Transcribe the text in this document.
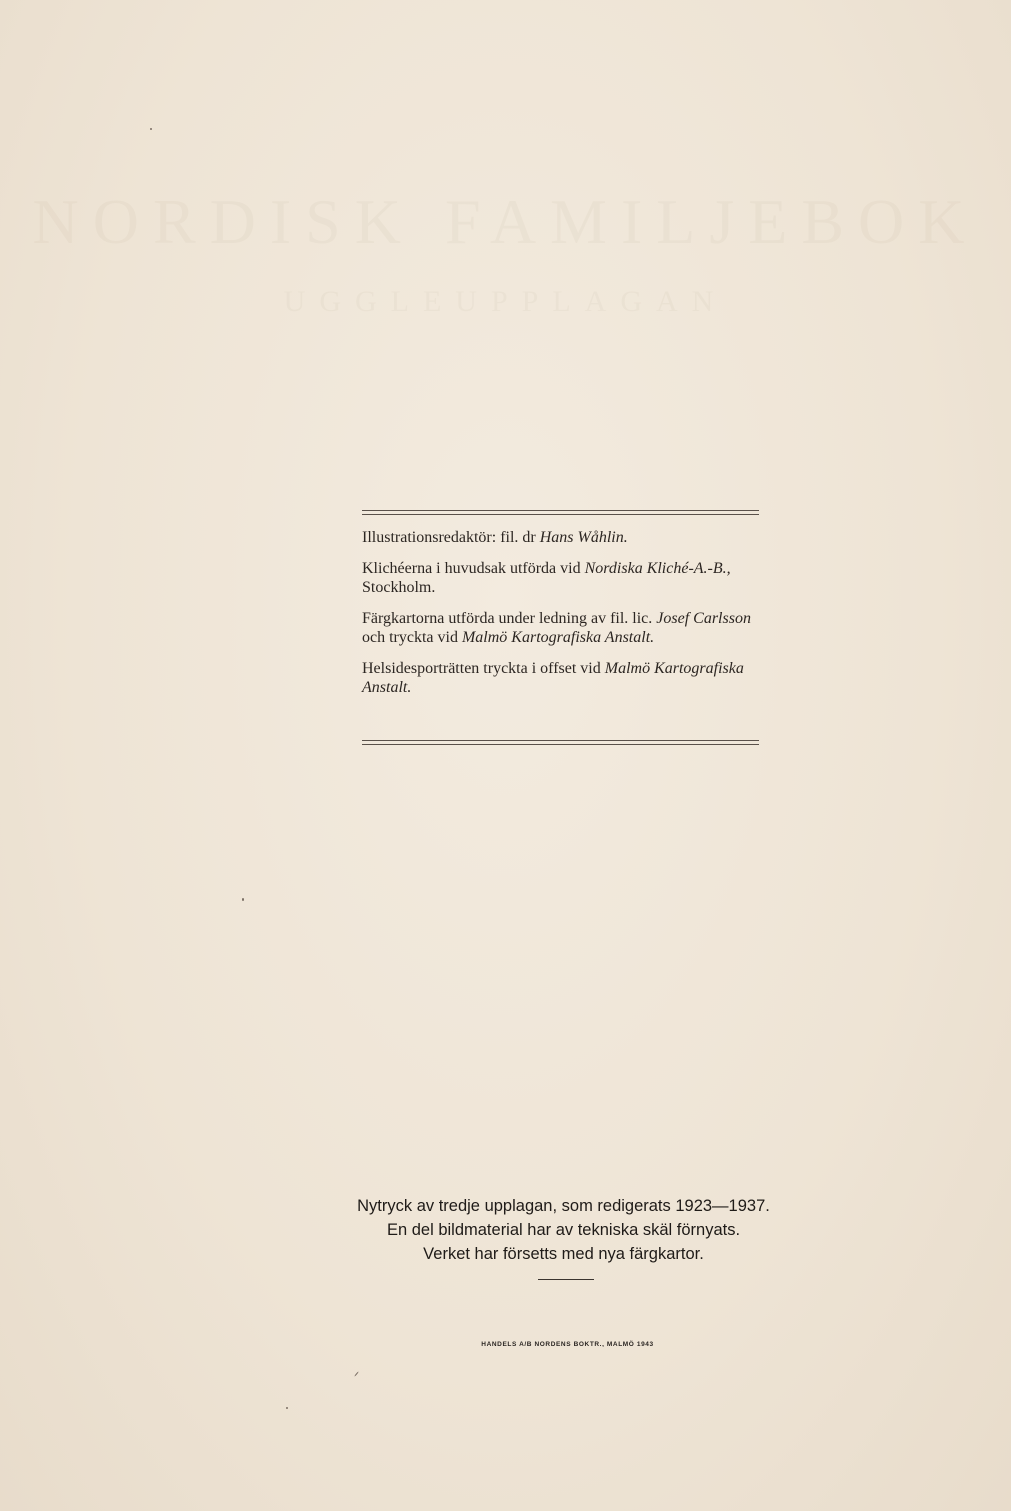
NORDISK FAMILJEBOK
UGGLEUPPLAGAN

Illustrationsredaktör: fil. dr Hans Wåhlin.

Klichéerna i huvudsak utförda vid Nordiska Kliché-A.-B., Stockholm.

Färgkartorna utförda under ledning av fil. lic. Josef Carlsson och tryckta vid Malmö Kartografiska Anstalt.

Helsidesporträtten tryckta i offset vid Malmö Kartografiska Anstalt.

Nytryck av tredje upplagan, som redigerats 1923—1937.
En del bildmaterial har av tekniska skäl förnyats.
Verket har försetts med nya färgkartor.
HANDELS A/B NORDENS BOKTR., MALMÖ 1943
